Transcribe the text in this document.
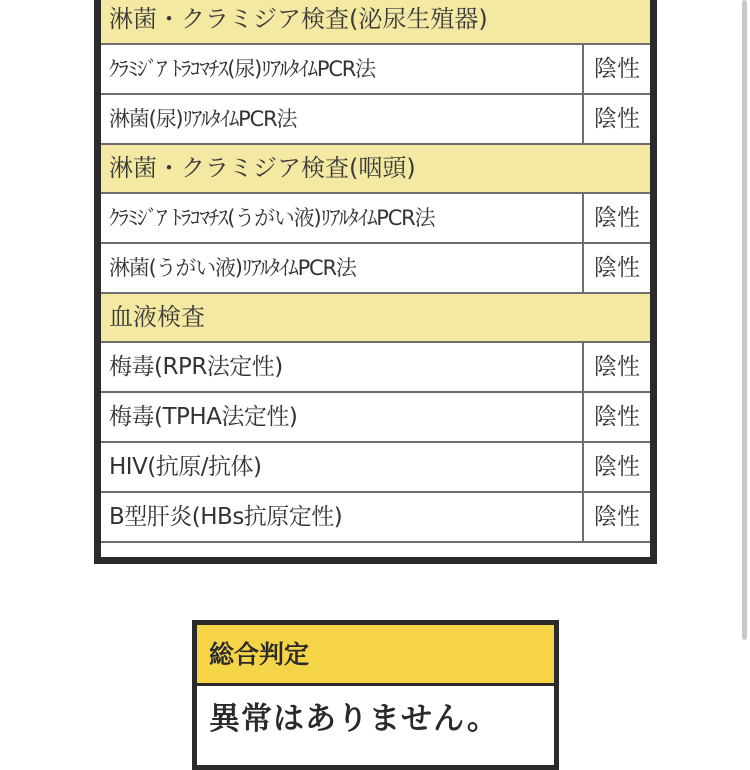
淋菌・クラミジア検査(泌尿生殖器)
ｸﾗﾐｼﾞｱ ﾄﾗｺﾏﾁｽ(尿)ﾘｱﾙﾀｲﾑPCR法	陰性
淋菌(尿)ﾘｱﾙﾀｲﾑPCR法	陰性
淋菌・クラミジア検査(咽頭)
ｸﾗﾐｼﾞｱ ﾄﾗｺﾏﾁｽ(うがい液)ﾘｱﾙﾀｲﾑPCR法	陰性
淋菌(うがい液)ﾘｱﾙﾀｲﾑPCR法	陰性
血液検査
梅毒(RPR法定性)	陰性
梅毒(TPHA法定性)	陰性
HIV(抗原/抗体)	陰性
B型肝炎(HBs抗原定性)	陰性
総合判定
異常はありません。
